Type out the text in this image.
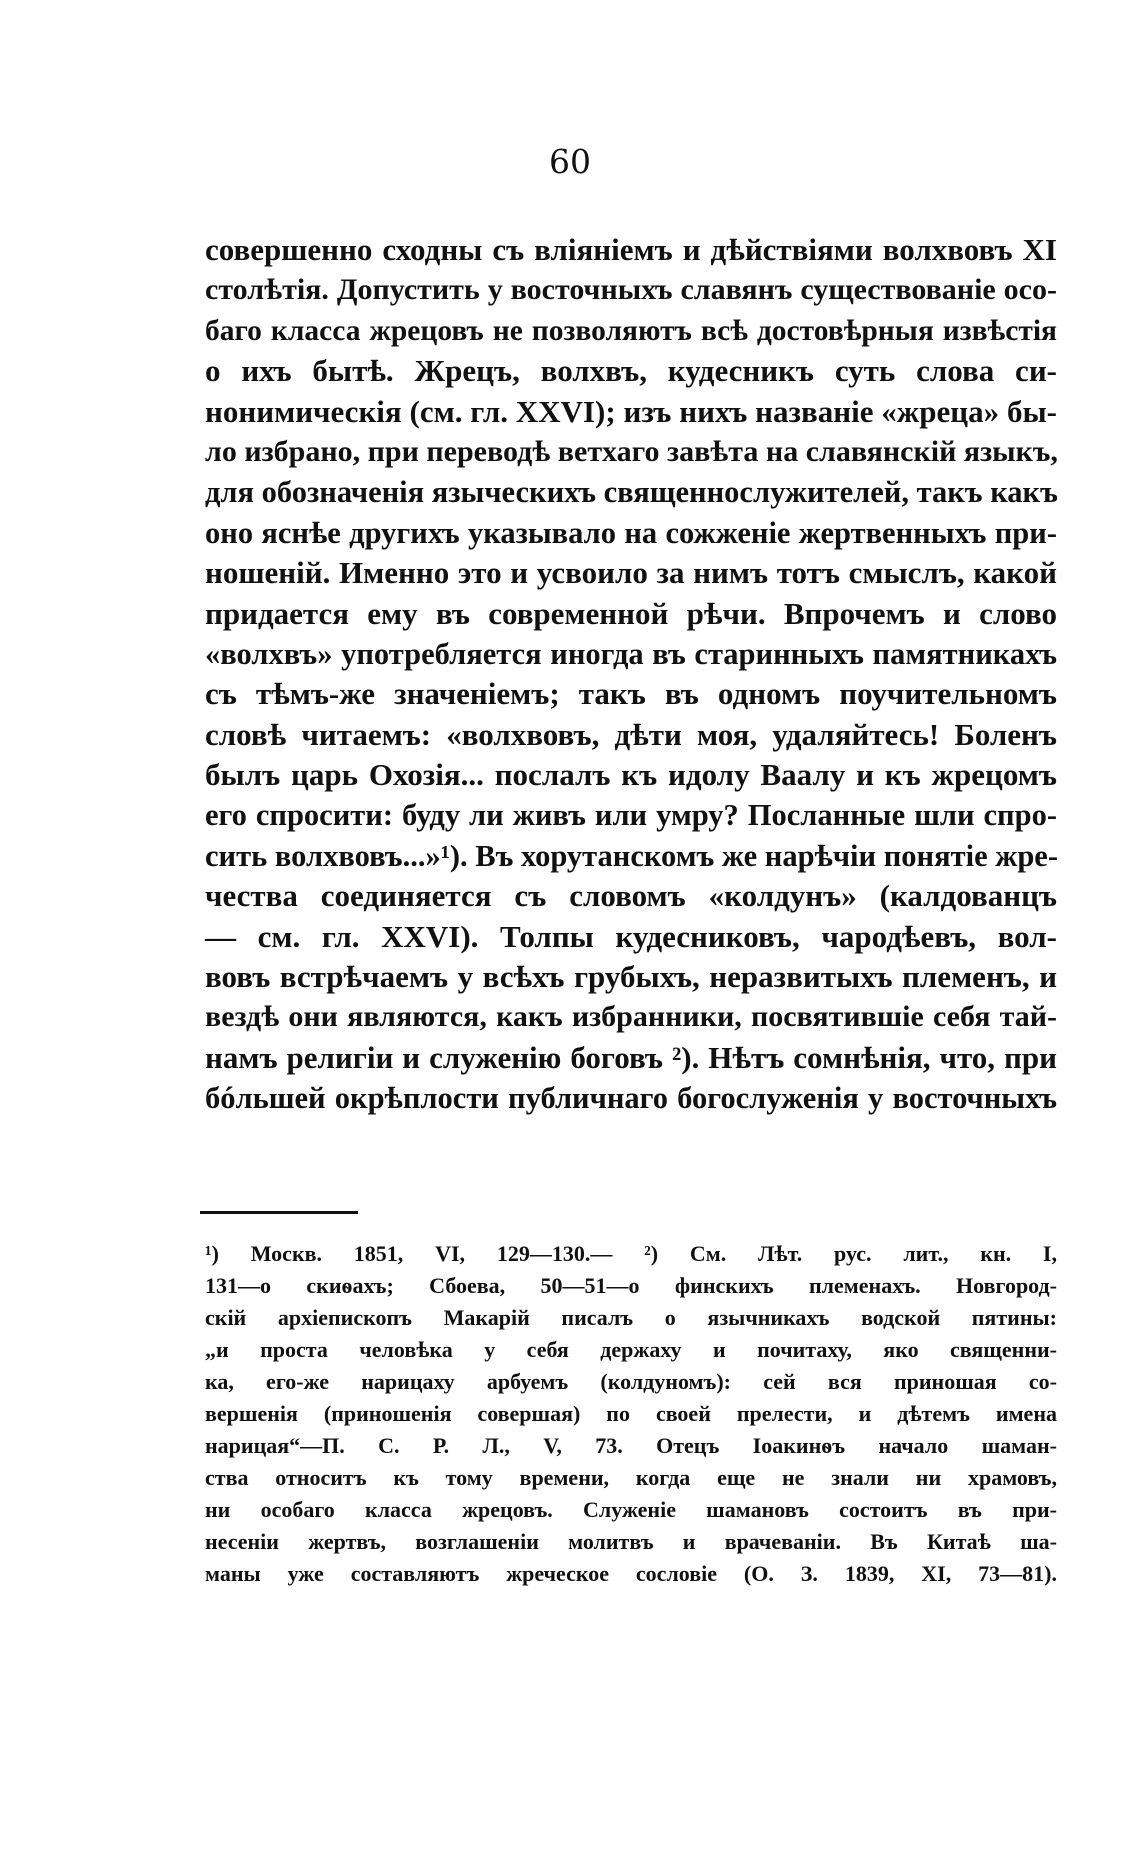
60
совершенно сходны съ вліяніемъ и дѣйствіями волхвовъ XI
столѣтія. Допустить у восточныхъ славянъ существованіе осо-
баго класса жрецовъ не позволяютъ всѣ достовѣрныя извѣстія
о ихъ бытѣ. Жрецъ, волхвъ, кудесникъ суть слова си-
нонимическія (см. гл. XXVI); изъ нихъ названіе «жреца» бы-
ло избрано, при переводѣ ветхаго завѣта на славянскій языкъ,
для обозначенія языческихъ священнослужителей, такъ какъ
оно яснѣе другихъ указывало на сожженіе жертвенныхъ при-
ношеній. Именно это и усвоило за нимъ тотъ смыслъ, какой
придается ему въ современной рѣчи. Впрочемъ и слово
«волхвъ» употребляется иногда въ старинныхъ памятникахъ
съ тѣмъ-же значеніемъ; такъ въ одномъ поучительномъ
словѣ читаемъ: «волхвовъ, дѣти моя, удаляйтесь! Боленъ
былъ царь Охозія... послалъ къ идолу Ваалу и къ жрецомъ
его спросити: буду ли живъ или умру? Посланные шли спро-
сить волхвовъ...»¹). Въ хорутанскомъ же нарѣчіи понятіе жре-
чества соединяется съ словомъ «колдунъ» (калдованцъ
— см. гл. XXVI). Толпы кудесниковъ, чародѣевъ, вол-
вовъ встрѣчаемъ у всѣхъ грубыхъ, неразвитыхъ племенъ, и
вездѣ они являются, какъ избранники, посвятившіе себя тай-
намъ религіи и служенію боговъ ²). Нѣтъ сомнѣнія, что, при
бóльшей окрѣплости публичнаго богослуженія у восточныхъ
¹) Москв. 1851, VI, 129—130.— ²) См. Лѣт. рус. лит., кн. I,
131—о скиѳахъ; Сбоева, 50—51—о финскихъ племенахъ. Новгород-
скій архіепископъ Макарій писалъ о язычникахъ водской пятины:
„и проста человѣка у себя держаху и почитаху, яко священни-
ка, его-же нарицаху арбуемъ (колдуномъ): сей вся приношая со-
вершенія (приношенія совершая) по своей прелести, и дѣтемъ имена
нарицая“—П. С. Р. Л., V, 73. Отецъ Іоакинѳъ начало шаман-
ства относитъ къ тому времени, когда еще не знали ни храмовъ,
ни особаго класса жрецовъ. Служеніе шамановъ состоитъ въ при-
несеніи жертвъ, возглашеніи молитвъ и врачеваніи. Въ Китаѣ ша-
маны уже составляютъ жреческое сословіе (О. З. 1839, XI, 73—81).
